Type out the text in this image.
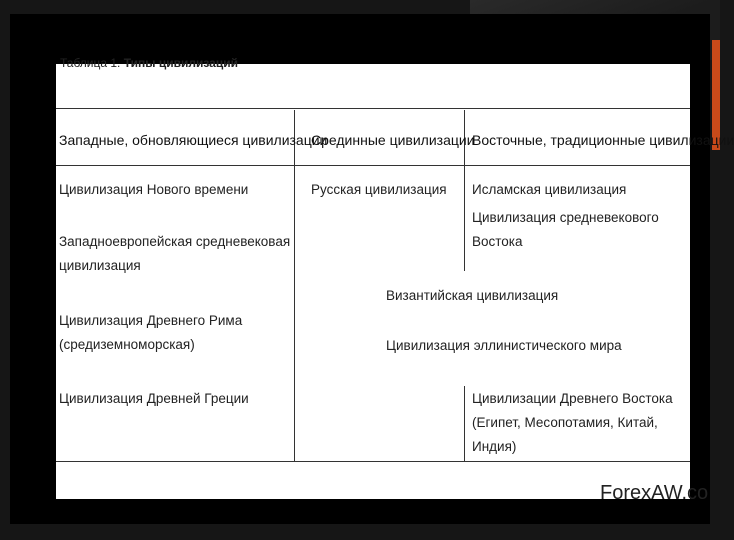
Таблица 1. Типы цивилизаций
Западные, обновляющиеся цивилизации
Срединные цивилизации
Восточные, традиционные цивилизации
Цивилизация Нового времени
Западноевропейская средневековая
цивилизация
Цивилизация Древнего Рима
(средиземноморская)
Цивилизация Древней Греции
Русская цивилизация Исламская цивилизация
Цивилизация средневекового Востока
Византийская цивилизация
Цивилизация эллинистического мира
Цивилизации Древнего Востока
(Египет, Месопотамия, Китай, Индия)
ForexAW.co
